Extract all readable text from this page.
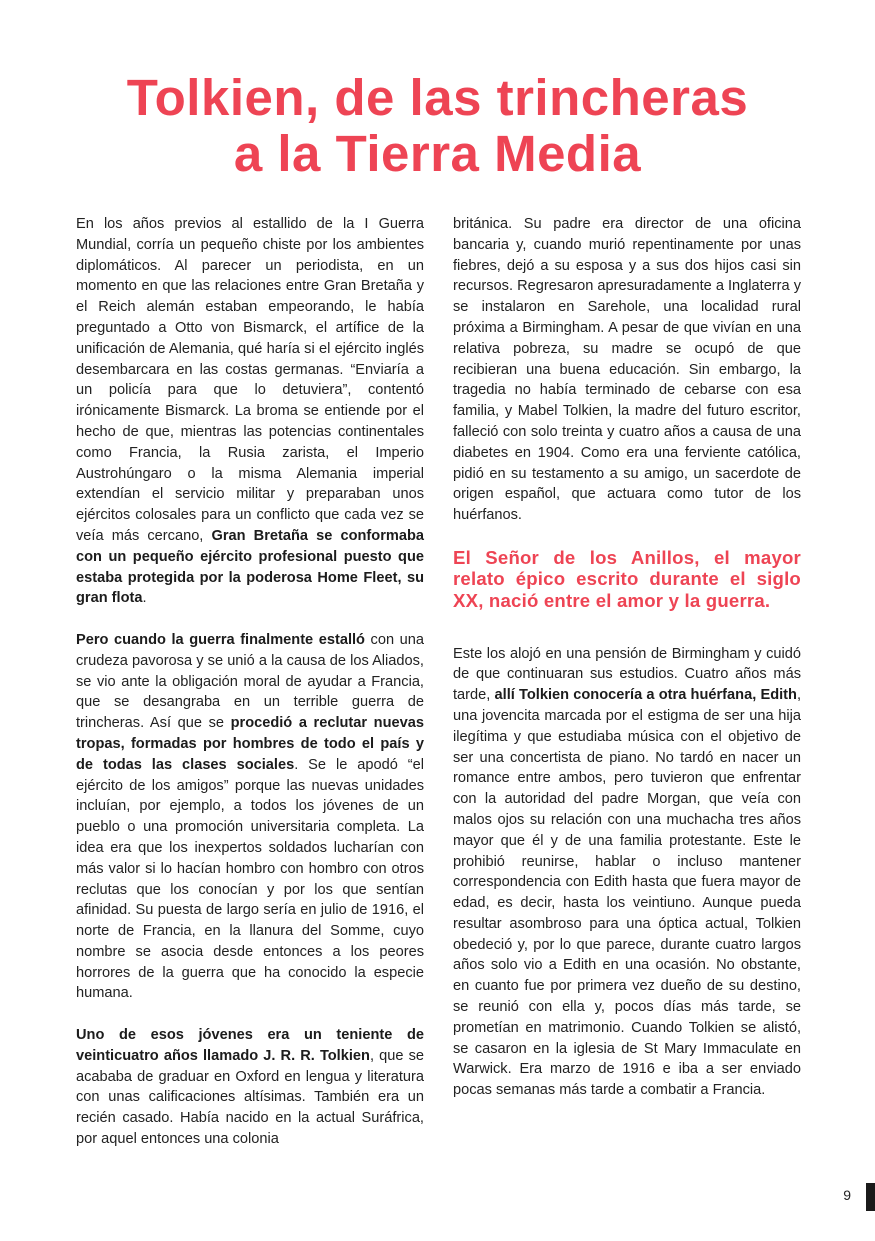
Tolkien, de las trincheras
a la Tierra Media

En los años previos al estallido de la I Guerra Mundial, corría un pequeño chiste por los ambientes diplomáticos. Al parecer un periodista, en un momento en que las relaciones entre Gran Bretaña y el Reich alemán estaban empeorando, le había preguntado a Otto von Bismarck, el artífice de la unificación de Alemania, qué haría si el ejército inglés desembarcara en las costas germanas. “Enviaría a un policía para que lo detuviera”, contentó irónicamente Bismarck. La broma se entiende por el hecho de que, mientras las potencias continentales como Francia, la Rusia zarista, el Imperio Austrohúngaro o la misma Alemania imperial extendían el servicio militar y preparaban unos ejércitos colosales para un conflicto que cada vez se veía más cercano, Gran Bretaña se conformaba con un pequeño ejército profesional puesto que estaba protegida por la poderosa Home Fleet, su gran flota.

Pero cuando la guerra finalmente estalló con una crudeza pavorosa y se unió a la causa de los Aliados, se vio ante la obligación moral de ayudar a Francia, que se desangraba en un terrible guerra de trincheras. Así que se procedió a reclutar nuevas tropas, formadas por hombres de todo el país y de todas las clases sociales. Se le apodó “el ejército de los amigos” porque las nuevas unidades incluían, por ejemplo, a todos los jóvenes de un pueblo o una promoción universitaria completa. La idea era que los inexpertos soldados lucharían con más valor si lo hacían hombro con hombro con otros reclutas que los conocían y por los que sentían afinidad. Su puesta de largo sería en julio de 1916, el norte de Francia, en la llanura del Somme, cuyo nombre se asocia desde entonces a los peores horrores de la guerra que ha conocido la especie humana.

Uno de esos jóvenes era un teniente de veinticuatro años llamado J. R. R. Tolkien, que se acababa de graduar en Oxford en lengua y literatura con unas calificaciones altísimas. También era un recién casado. Había nacido en la actual Suráfrica, por aquel entonces una colonia

británica. Su padre era director de una oficina bancaria y, cuando murió repentinamente por unas fiebres, dejó a su esposa y a sus dos hijos casi sin recursos. Regresaron apresuradamente a Inglaterra y se instalaron en Sarehole, una localidad rural próxima a Birmingham. A pesar de que vivían en una relativa pobreza, su madre se ocupó de que recibieran una buena educación. Sin embargo, la tragedia no había terminado de cebarse con esa familia, y Mabel Tolkien, la madre del futuro escritor, falleció con solo treinta y cuatro años a causa de una diabetes en 1904. Como era una ferviente católica, pidió en su testamento a su amigo, un sacerdote de origen español, que actuara como tutor de los huérfanos.

El Señor de los Anillos, el mayor relato épico escrito durante el siglo XX, nació entre el amor y la guerra.

Este los alojó en una pensión de Birmingham y cuidó de que continuaran sus estudios. Cuatro años más tarde, allí Tolkien conocería a otra huérfana, Edith, una jovencita marcada por el estigma de ser una hija ilegítima y que estudiaba música con el objetivo de ser una concertista de piano. No tardó en nacer un romance entre ambos, pero tuvieron que enfrentar con la autoridad del padre Morgan, que veía con malos ojos su relación con una muchacha tres años mayor que él y de una familia protestante. Este le prohibió reunirse, hablar o incluso mantener correspondencia con Edith hasta que fuera mayor de edad, es decir, hasta los veintiuno. Aunque pueda resultar asombroso para una óptica actual, Tolkien obedeció y, por lo que parece, durante cuatro largos años solo vio a Edith en una ocasión. No obstante, en cuanto fue por primera vez dueño de su destino, se reunió con ella y, pocos días más tarde, se prometían en matrimonio. Cuando Tolkien se alistó, se casaron en la iglesia de St Mary Immaculate en Warwick. Era marzo de 1916 e iba a ser enviado pocas semanas más tarde a combatir a Francia.

9
